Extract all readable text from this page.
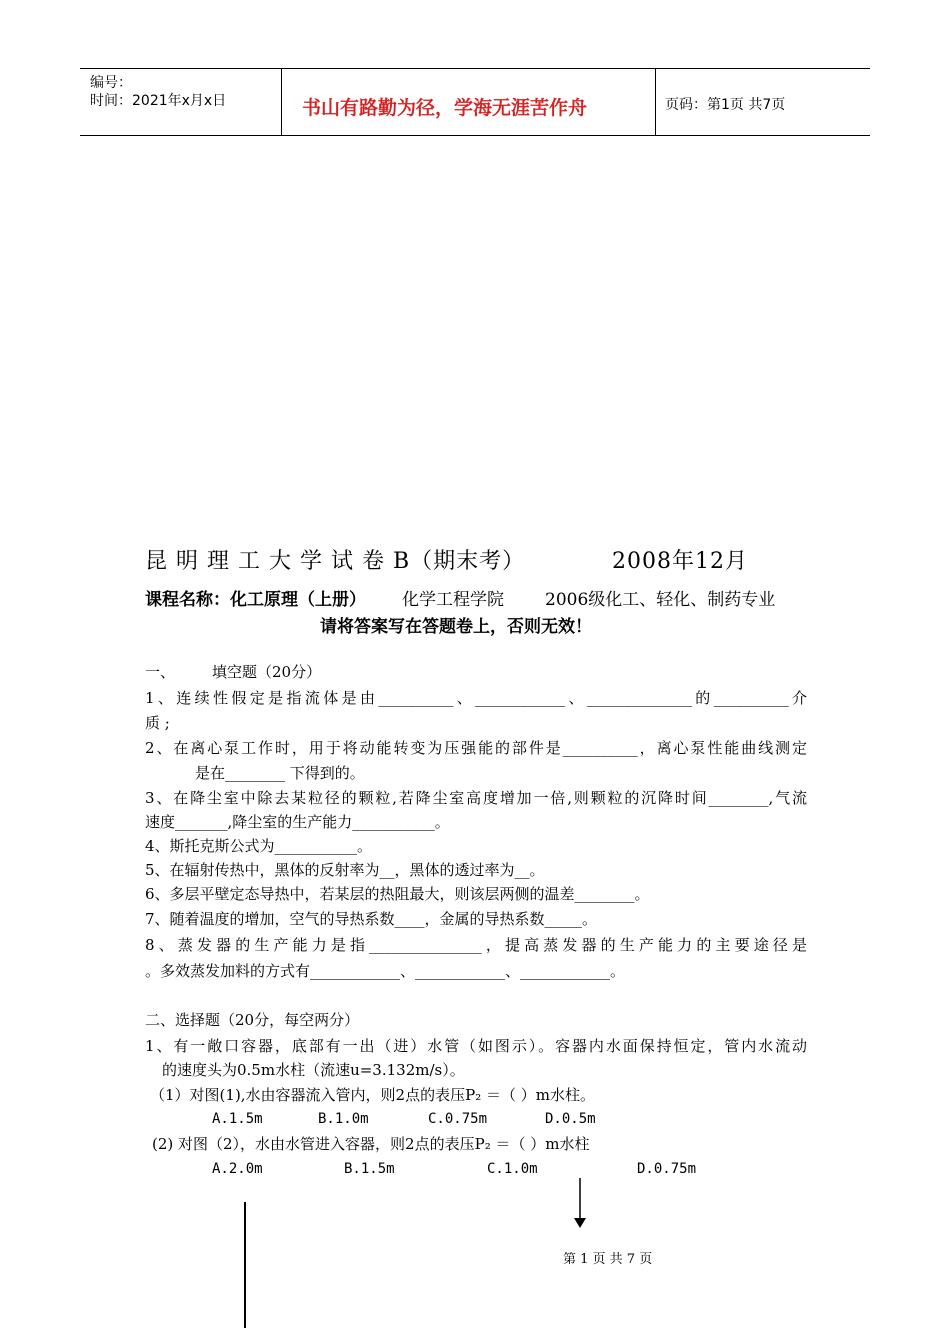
编号：
时间：2021年x月x日	书山有路勤为径，学海无涯苦作舟	页码：第1页 共7页
昆 明 理 工 大 学 试 卷 B（期末考）	2008年12月
课程名称：化工原理（上册） 化学工程学院 2006级化工、轻化、制药专业
请将答案写在答题卷上，否则无效！
一、 填空题（20分）
1、连续性假定是指流体是由__________、____________、______________的__________介
质 ;
2、在离心泵工作时，用于将动能转变为压强能的部件是__________，离心泵性能曲线测定
是在________ 下得到的。
3、在降尘室中除去某粒径的颗粒,若降尘室高度增加一倍,则颗粒的沉降时间________,气流
速度_______,降尘室的生产能力___________。
4、斯托克斯公式为___________。
5、在辐射传热中，黑体的反射率为__，黑体的透过率为__。
6、多层平壁定态导热中，若某层的热阻最大，则该层两侧的温差________。
7、随着温度的增加，空气的导热系数____，金属的导热系数_____。
8、蒸发器的生产能力是指_______________，提高蒸发器的生产能力的主要途径是
。多效蒸发加料的方式有____________、____________、____________。
二、选择题（20分，每空两分）
1、有一敞口容器，底部有一出（进）水管（如图示）。容器内水面保持恒定，管内水流动
的速度头为0.5m水柱（流速u=3.132m/s）。
（1）对图(1),水由容器流入管内，则2点的表压P₂ ＝（ ）m水柱。
A.1.5m	B.1.0m	C.0.75m	D.0.5m
(2) 对图（2），水由水管进入容器，则2点的表压P₂ ＝（ ）m水柱
A.2.0m	B.1.5m	C.1.0m	D.0.75m
第 1 页 共 7 页
